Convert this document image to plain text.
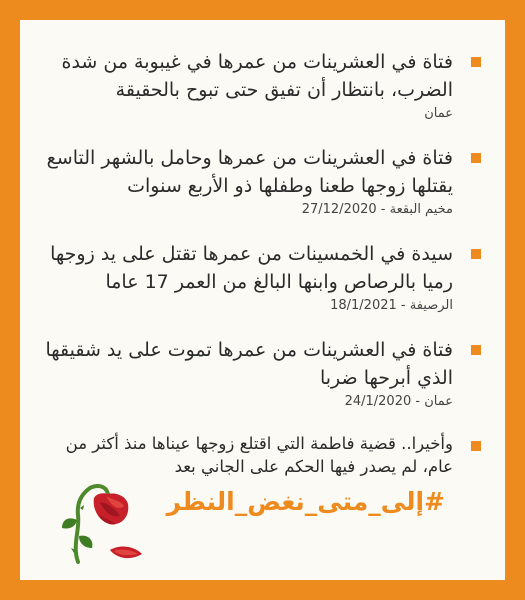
فتاة في العشرينات من عمرها في غيبوبة من شدة الضرب، بانتظار أن تفيق حتى تبوح بالحقيقة
عمان
فتاة في العشرينات من عمرها وحامل بالشهر التاسع يقتلها زوجها طعنا وطفلها ذو الأربع سنوات
مخيم البقعة - 27/12/2020
سيدة في الخمسينات من عمرها تقتل على يد زوجها رميا بالرصاص وابنها البالغ من العمر 17 عاما
الرصيفة - 18/1/2021
فتاة في العشرينات من عمرها تموت على يد شقيقها الذي أبرحها ضربا
عمان - 24/1/2020
وأخيرا.. قضية فاطمة التي اقتلع زوجها عيناها منذ أكثر من عام، لم يصدر فيها الحكم على الجاني بعد
#إلى_متى_نغض_النظر
